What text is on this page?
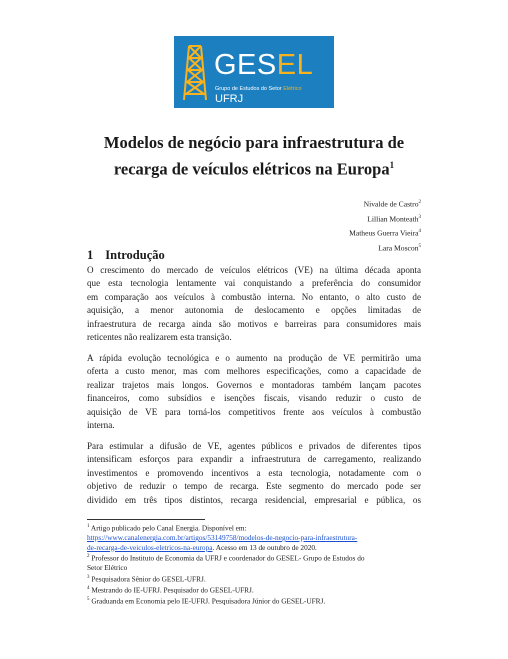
GESEL
Grupo de Estudos do Setor Elétrico
UFRJ
Modelos de negócio para infraestrutura de
recarga de veículos elétricos na Europa$^1$
Nivalde de Castro$^2$
Lillian Monteath$^3$
Matheus Guerra Vieira$^4$
Lara Moscon$^5$
1 Introdução
O crescimento do mercado de veículos elétricos (VE) na última década aponta
que esta tecnologia lentamente vai conquistando a preferência do consumidor
em comparação aos veículos à combustão interna. No entanto, o alto custo de
aquisição, a menor autonomia de deslocamento e opções limitadas de
infraestrutura de recarga ainda são motivos e barreiras para consumidores mais
reticentes não realizarem esta transição.
A rápida evolução tecnológica e o aumento na produção de VE permitirão uma
oferta a custo menor, mas com melhores especificações, como a capacidade de
realizar trajetos mais longos. Governos e montadoras também lançam pacotes
financeiros, como subsídios e isenções fiscais, visando reduzir o custo de
aquisição de VE para torná-los competitivos frente aos veículos à combustão
interna.
Para estimular a difusão de VE, agentes públicos e privados de diferentes tipos
intensificam esforços para expandir a infraestrutura de carregamento, realizando
investimentos e promovendo incentivos a esta tecnologia, notadamente com o
objetivo de reduzir o tempo de recarga. Este segmento do mercado pode ser
dividido em três tipos distintos, recarga residencial, empresarial e pública, os
$^1$ Artigo publicado pelo Canal Energia. Disponível em:
https://www.canalenergia.com.br/artigos/53149758/modelos-de-negocio-para-infraestrutura-
de-recarga-de-veiculos-eletricos-na-europa. Acesso em 13 de outubro de 2020.
$^2$ Professor do Instituto de Economia da UFRJ e coordenador do GESEL- Grupo de Estudos do
Setor Elétrico
$^3$ Pesquisadora Sênior do GESEL-UFRJ.
$^4$ Mestrando do IE-UFRJ. Pesquisador do GESEL-UFRJ.
$^5$ Graduanda em Economia pelo IE-UFRJ. Pesquisadora Júnior do GESEL-UFRJ.
